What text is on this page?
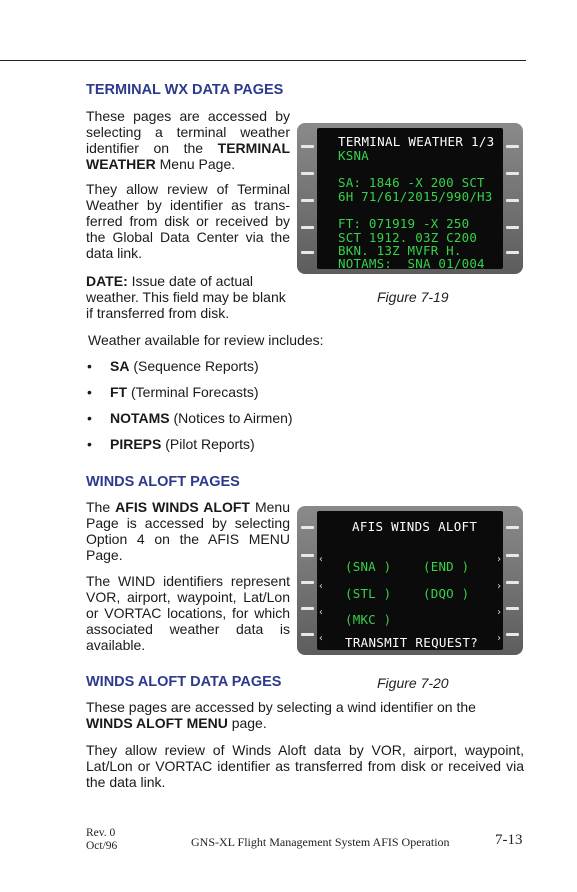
TERMINAL WX DATA PAGES

These pages are accessed by selecting a terminal weather identifier on the TERMINAL WEATHER Menu Page.

They allow review of Terminal Weather by identifier as trans-ferred from disk or received by the Global Data Center via the data link.

DATE: Issue date of actual weather. This field may be blank if transferred from disk.

Weather available for review includes:

• SA (Sequence Reports)
• FT (Terminal Forecasts)
• NOTAMS (Notices to Airmen)
• PIREPS (Pilot Reports)
TERMINAL WEATHER 1/3
KSNA
SA: 1846 -X 200 SCT
6H 71/61/2015/990/H3
FT: 071919 -X 250
SCT 1912. 03Z C200
BKN. 13Z MVFR H.
NOTAMS:  SNA 01/004
Figure 7-19
WINDS ALOFT PAGES

The AFIS WINDS ALOFT Menu Page is accessed by selecting Option 4 on the AFIS MENU Page.

The WIND identifiers represent VOR, airport, waypoint, Lat/Lon or VORTAC locations, for which associated weather data is available.

AFIS WINDS ALOFT
‹
‹
‹
‹
›
›
›
›
(SNA )
(STL )
(MKC )
(END )
(DQO )
TRANSMIT REQUEST?
Figure 7-20
WINDS ALOFT DATA PAGES

These pages are accessed by selecting a wind identifier on the WINDS ALOFT MENU page.

They allow review of Winds Aloft data by VOR, airport, waypoint, Lat/Lon or VORTAC identifier as transferred from disk or received via the data link.

Rev. 0
Oct/96	GNS-XL Flight Management System AFIS Operation	7-13
